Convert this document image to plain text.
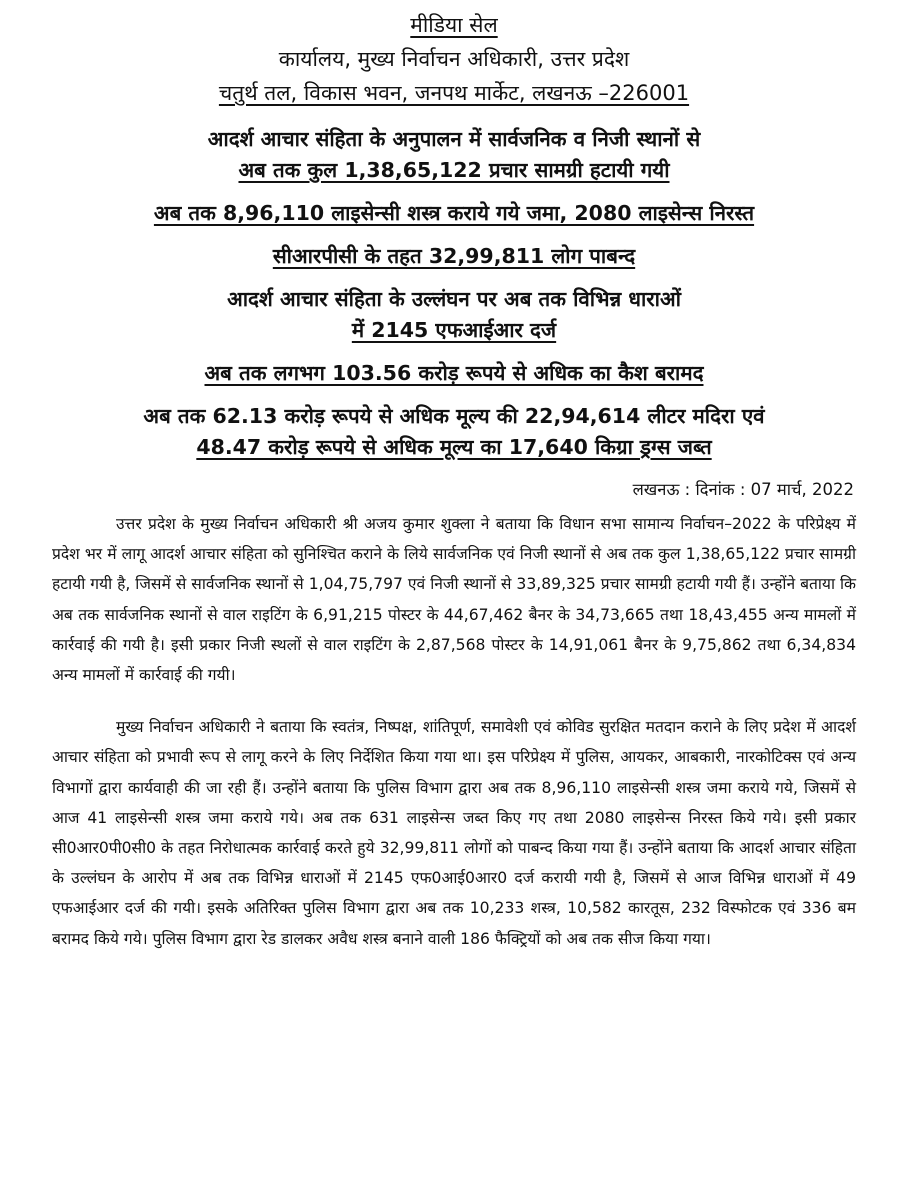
मीडिया सेल
कार्यालय, मुख्य निर्वाचन अधिकारी, उत्तर प्रदेश
चतुर्थ तल, विकास भवन, जनपथ मार्केट, लखनऊ –226001
आदर्श आचार संहिता के अनुपालन में सार्वजनिक व निजी स्थानों से
अब तक कुल 1,38,65,122 प्रचार सामग्री हटायी गयी
अब तक 8,96,110 लाइसेन्सी शस्त्र कराये गये जमा, 2080 लाइसेन्स निरस्त
सीआरपीसी के तहत 32,99,811 लोग पाबन्द
आदर्श आचार संहिता के उल्लंघन पर अब तक विभिन्न धाराओं
में 2145 एफआईआर दर्ज
अब तक लगभग 103.56 करोड़ रूपये से अधिक का कैश बरामद
अब तक 62.13 करोड़ रूपये से अधिक मूल्य की 22,94,614 लीटर मदिरा एवं
48.47 करोड़ रूपये से अधिक मूल्य का 17,640 किग्रा ड्रग्स जब्त
लखनऊ : दिनांक : 07 मार्च, 2022

उत्तर प्रदेश के मुख्य निर्वाचन अधिकारी श्री अजय कुमार शुक्ला ने बताया कि विधान सभा सामान्य निर्वाचन–2022 के परिप्रेक्ष्य में प्रदेश भर में लागू आदर्श आचार संहिता को सुनिश्चित कराने के लिये सार्वजनिक एवं निजी स्थानों से अब तक कुल 1,38,65,122 प्रचार सामग्री हटायी गयी है, जिसमें से सार्वजनिक स्थानों से 1,04,75,797 एवं निजी स्थानों से 33,89,325 प्रचार सामग्री हटायी गयी हैं। उन्होंने बताया कि अब तक सार्वजनिक स्थानों से वाल राइटिंग के 6,91,215 पोस्टर के 44,67,462 बैनर के 34,73,665 तथा 18,43,455 अन्य मामलों में कार्रवाई की गयी है। इसी प्रकार निजी स्थलों से वाल राइटिंग के 2,87,568 पोस्टर के 14,91,061 बैनर के 9,75,862 तथा 6,34,834 अन्य मामलों में कार्रवाई की गयी।

मुख्य निर्वाचन अधिकारी ने बताया कि स्वतंत्र, निष्पक्ष, शांतिपूर्ण, समावेशी एवं कोविड सुरक्षित मतदान कराने के लिए प्रदेश में आदर्श आचार संहिता को प्रभावी रूप से लागू करने के लिए निर्देशित किया गया था। इस परिप्रेक्ष्य में पुलिस, आयकर, आबकारी, नारकोटिक्स एवं अन्य विभागों द्वारा कार्यवाही की जा रही हैं। उन्होंने बताया कि पुलिस विभाग द्वारा अब तक 8,96,110 लाइसेन्सी शस्त्र जमा कराये गये, जिसमें से आज 41 लाइसेन्सी शस्त्र जमा कराये गये। अब तक 631 लाइसेन्स जब्त किए गए तथा 2080 लाइसेन्स निरस्त किये गये। इसी प्रकार सी0आर0पी0सी0 के तहत निरोधात्मक कार्रवाई करते हुये 32,99,811 लोगों को पाबन्द किया गया हैं। उन्होंने बताया कि आदर्श आचार संहिता के उल्लंघन के आरोप में अब तक विभिन्न धाराओं में 2145 एफ0आई0आर0 दर्ज करायी गयी है, जिसमें से आज विभिन्न धाराओं में 49 एफआईआर दर्ज की गयी। इसके अतिरिक्त पुलिस विभाग द्वारा अब तक 10,233 शस्त्र, 10,582 कारतूस, 232 विस्फोटक एवं 336 बम बरामद किये गये। पुलिस विभाग द्वारा रेड डालकर अवैध शस्त्र बनाने वाली 186 फैक्ट्रियों को अब तक सीज किया गया।
